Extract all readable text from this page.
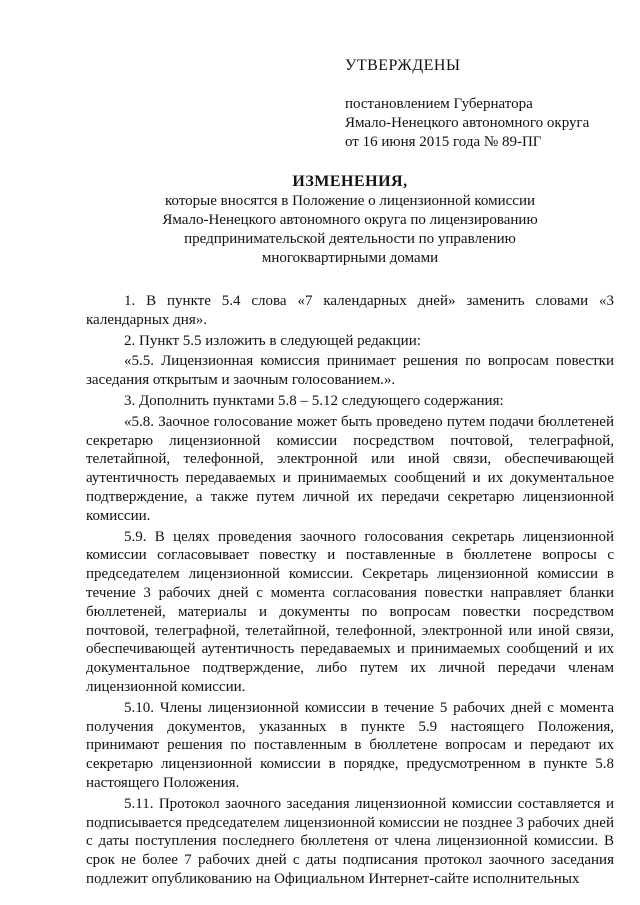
УТВЕРЖДЕНЫ
постановлением Губернатора
Ямало-Ненецкого автономного округа
от 16 июня 2015 года № 89-ПГ
ИЗМЕНЕНИЯ,
которые вносятся в Положение о лицензионной комиссии
Ямало-Ненецкого автономного округа по лицензированию
предпринимательской деятельности по управлению
многоквартирными домами

1. В пункте 5.4 слова «7 календарных дней» заменить словами «3 календарных дня».

2. Пункт 5.5 изложить в следующей редакции:

«5.5. Лицензионная комиссия принимает решения по вопросам повестки заседания открытым и заочным голосованием.».

3. Дополнить пунктами 5.8 – 5.12 следующего содержания:

«5.8. Заочное голосование может быть проведено путем подачи бюллетеней секретарю лицензионной комиссии посредством почтовой, телеграфной, телетайпной, телефонной, электронной или иной связи, обеспечивающей аутентичность передаваемых и принимаемых сообщений и их документальное подтверждение, а также путем личной их передачи секретарю лицензионной комиссии.

5.9. В целях проведения заочного голосования секретарь лицензионной комиссии согласовывает повестку и поставленные в бюллетене вопросы с председателем лицензионной комиссии. Секретарь лицензионной комиссии в течение 3 рабочих дней с момента согласования повестки направляет бланки бюллетеней, материалы и документы по вопросам повестки посредством почтовой, телеграфной, телетайпной, телефонной, электронной или иной связи, обеспечивающей аутентичность передаваемых и принимаемых сообщений и их документальное подтверждение, либо путем их личной передачи членам лицензионной комиссии.

5.10. Члены лицензионной комиссии в течение 5 рабочих дней с момента получения документов, указанных в пункте 5.9 настоящего Положения, принимают решения по поставленным в бюллетене вопросам и передают их секретарю лицензионной комиссии в порядке, предусмотренном в пункте 5.8 настоящего Положения.

5.11. Протокол заочного заседания лицензионной комиссии составляется и подписывается председателем лицензионной комиссии не позднее 3 рабочих дней с даты поступления последнего бюллетеня от члена лицензионной комиссии. В срок не более 7 рабочих дней с даты подписания протокол заочного заседания подлежит опубликованию на Официальном Интернет-сайте исполнительных
